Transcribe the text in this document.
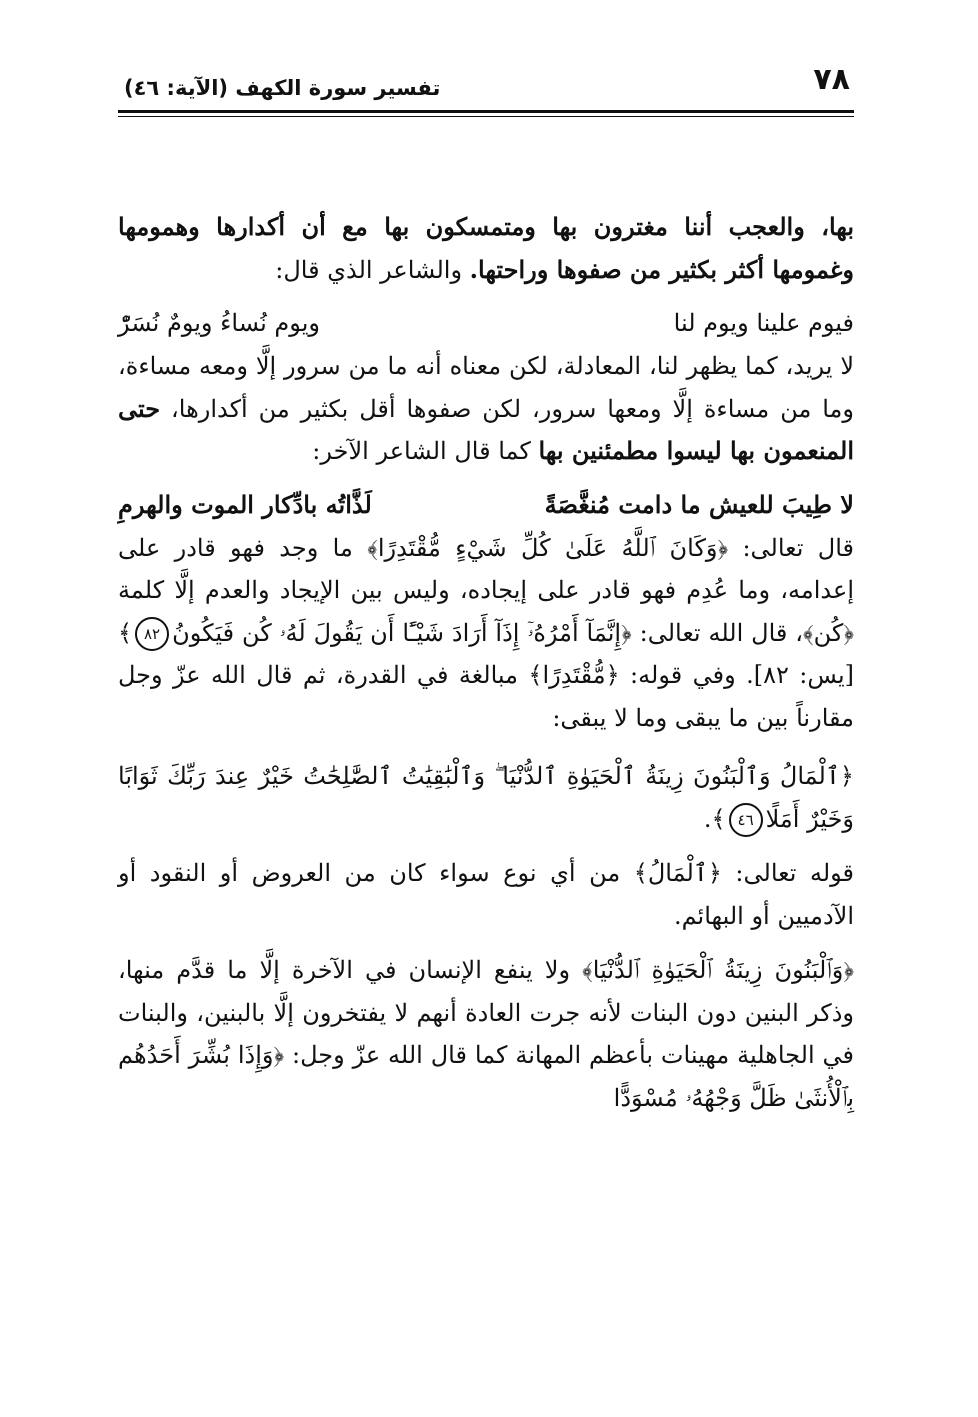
٧٨
تفسير سورة الكهف (الآية: ٤٦)

بها، والعجب أننا مغترون بها ومتمسكون بها مع أن أكدارها وهمومها وغمومها أكثر بكثير من صفوها وراحتها. والشاعر الذي قال:

فيوم علينا ويوم لنا
ويوم نُساءُ ويومٌ نُسَرّْ

لا يريد، كما يظهر لنا، المعادلة، لكن معناه أنه ما من سرور إلَّا ومعه مساءة، وما من مساءة إلَّا ومعها سرور، لكن صفوها أقل بكثير من أكدارها، حتى المنعمون بها ليسوا مطمئنين بها كما قال الشاعر الآخر:

لا طِيبَ للعيش ما دامت مُنغَّصَةً
لَذَّاتُه بادِّكار الموت والهرمِ

قال تعالى: ﴿وَكَانَ ٱللَّهُ عَلَىٰ كُلِّ شَيْءٍ مُّقْتَدِرًا﴾ ما وجد فهو قادر على إعدامه، وما عُدِم فهو قادر على إيجاده، وليس بين الإيجاد والعدم إلَّا كلمة ﴿كُن﴾، قال الله تعالى: ﴿إِنَّمَآ أَمْرُهُۥٓ إِذَآ أَرَادَ شَيْـًٔا أَن يَقُولَ لَهُۥ كُن فَيَكُونُ٨٢﴾ [يس: ٨٢]. وفي قوله: ﴿مُّقْتَدِرًا﴾ مبالغة في القدرة، ثم قال الله عزّ وجل مقارناً بين ما يبقى وما لا يبقى:

﴿ٱلْمَالُ وَٱلْبَنُونَ زِينَةُ ٱلْحَيَوٰةِ ٱلدُّنْيَا ۖ وَٱلْبَٰقِيَٰتُ ٱلصَّٰلِحَٰتُ خَيْرٌ عِندَ رَبِّكَ ثَوَابًا وَخَيْرٌ أَمَلًا٤٦﴾.

قوله تعالى: ﴿ٱلْمَالُ﴾ من أي نوع سواء كان من العروض أو النقود أو الآدميين أو البهائم.

﴿وَٱلْبَنُونَ زِينَةُ ٱلْحَيَوٰةِ ٱلدُّنْيَا﴾ ولا ينفع الإنسان في الآخرة إلَّا ما قدَّم منها، وذكر البنين دون البنات لأنه جرت العادة أنهم لا يفتخرون إلَّا بالبنين، والبنات في الجاهلية مهينات بأعظم المهانة كما قال الله عزّ وجل: ﴿وَإِذَا بُشِّرَ أَحَدُهُم بِٱلْأُنثَىٰ ظَلَّ وَجْهُهُۥ مُسْوَدًّا
